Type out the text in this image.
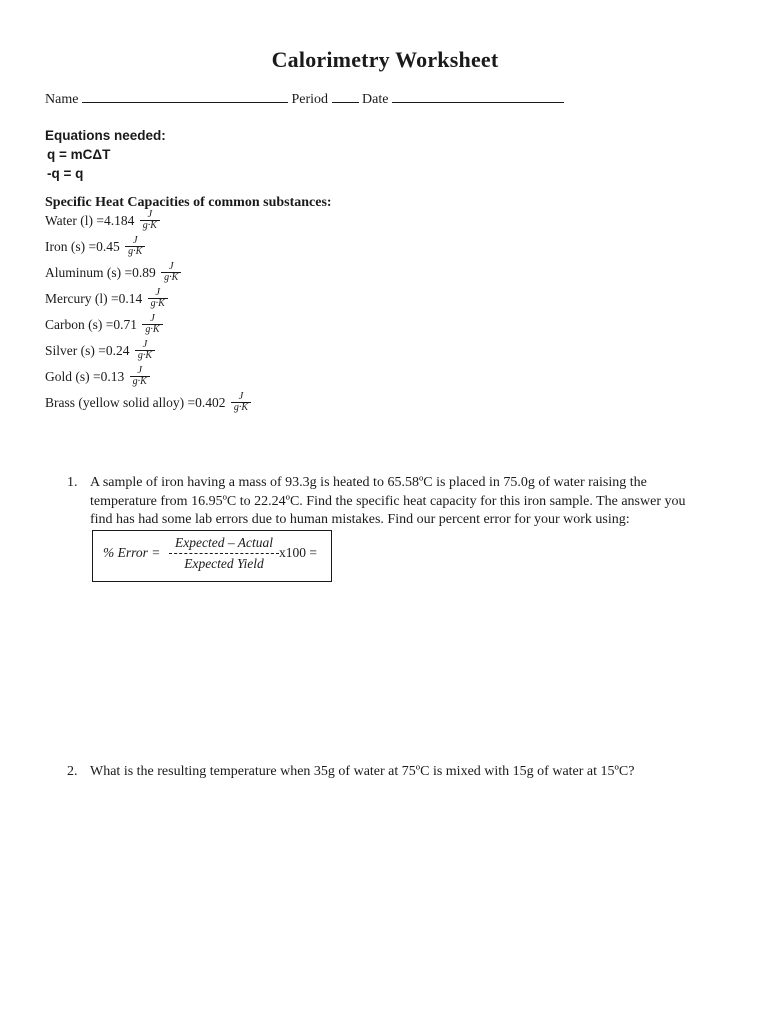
Calorimetry Worksheet
Name	Period Date
Equations needed:
q = mCΔT
-q = q
Specific Heat Capacities of common substances:
Water $(l) =4.184 \frac{J}{g\cdot K}$
Iron $(s) =0.45 \frac{J}{g\cdot K}$
Aluminum $(s) =0.89 \frac{J}{g\cdot K}$
Mercury $(l) =0.14 \frac{J}{g\cdot K}$
Carbon $(s) =0.71 \frac{J}{g\cdot K}$
Silver $(s) =0.24 \frac{J}{g\cdot K}$
Gold $(s) =0.13 \frac{J}{g\cdot K}$
Brass (yellow solid alloy) $=0.402 \frac{J}{g\cdot K}$
1. A sample of iron having a mass of 93.3g is heated to 65.58ºC is placed in 75.0g of water raising the temperature from 16.95ºC to 22.24ºC. Find the specific heat capacity for this iron sample. The answer you find has had some lab errors due to human mistakes. Find our percent error for your work using:
% Error =
Expected – Actual
Expected Yield
x100 =
2. What is the resulting temperature when 35g of water at 75ºC is mixed with 15g of water at 15ºC?
